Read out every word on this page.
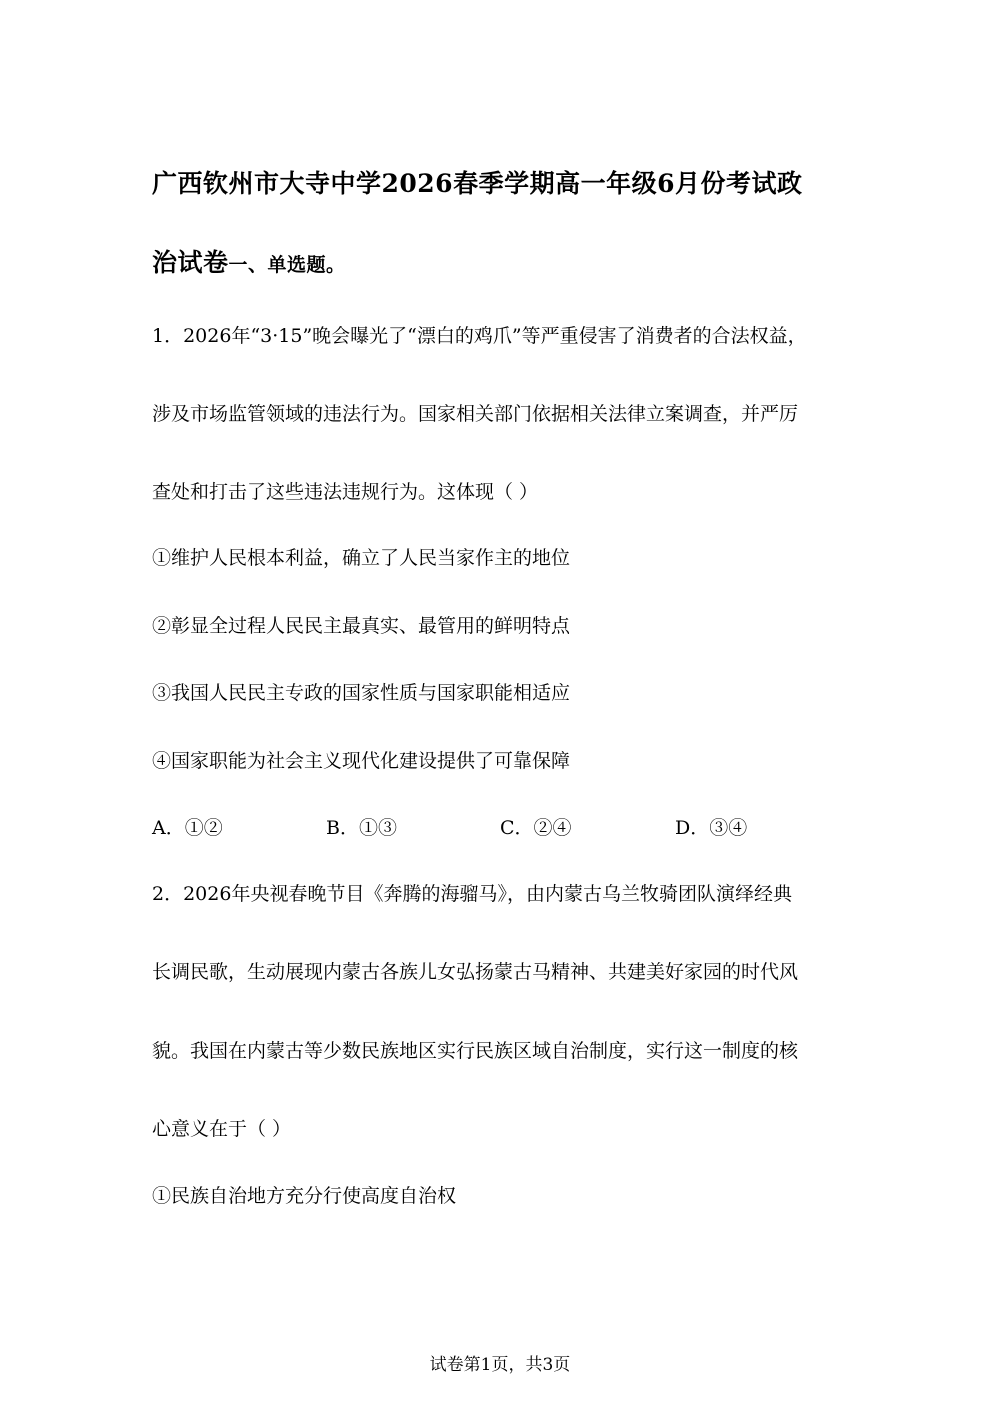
广西钦州市大寺中学2026春季学期高一年级6月份考试政
治试卷一、单选题。
1．2026年“3·15”晚会曝光了“漂白的鸡爪”等严重侵害了消费者的合法权益，
涉及市场监管领域的违法行为。国家相关部门依据相关法律立案调查，并严厉
查处和打击了这些违法违规行为。这体现（ ）
①维护人民根本利益，确立了人民当家作主的地位
②彰显全过程人民民主最真实、最管用的鲜明特点
③我国人民民主专政的国家性质与国家职能相适应
④国家职能为社会主义现代化建设提供了可靠保障
A．①②	B．①③	C．②④	D．③④
2．2026年央视春晚节目《奔腾的海骝马》，由内蒙古乌兰牧骑团队演绎经典
长调民歌，生动展现内蒙古各族儿女弘扬蒙古马精神、共建美好家园的时代风
貌。我国在内蒙古等少数民族地区实行民族区域自治制度，实行这一制度的核
心意义在于（ ）
①民族自治地方充分行使高度自治权
试卷第1页，共3页
